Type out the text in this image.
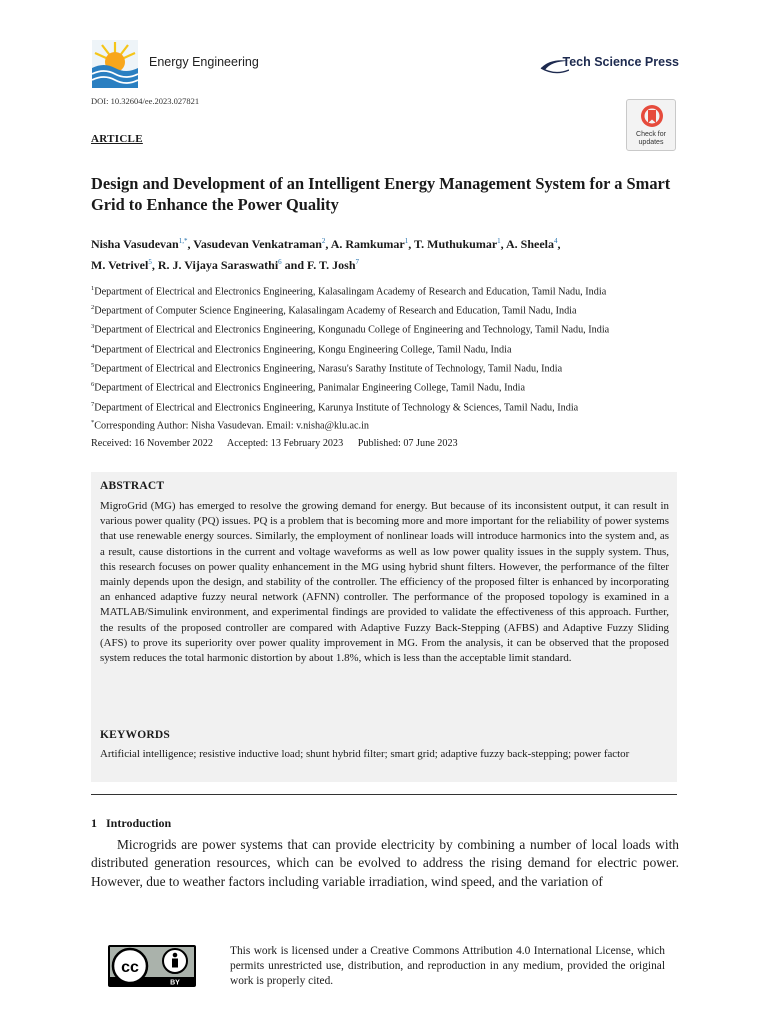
Energy Engineering	Tech Science Press
DOI: 10.32604/ee.2023.027821
Check for
updates
ARTICLE
Design and Development of an Intelligent Energy Management System for a Smart Grid to Enhance the Power Quality
Nisha Vasudevan$^{1,*}$, Vasudevan Venkatraman$^2$, A. Ramkumar$^1$, T. Muthukumar$^1$, A. Sheela$^4$,
M. Vetrivel$^5$, R. J. Vijaya Saraswathi$^6$ and F. T. Josh$^7$
$^1$Department of Electrical and Electronics Engineering, Kalasalingam Academy of Research and Education, Tamil Nadu, India
$^2$Department of Computer Science Engineering, Kalasalingam Academy of Research and Education, Tamil Nadu, India
$^3$Department of Electrical and Electronics Engineering, Kongunadu College of Engineering and Technology, Tamil Nadu, India
$^4$Department of Electrical and Electronics Engineering, Kongu Engineering College, Tamil Nadu, India
$^5$Department of Electrical and Electronics Engineering, Narasu's Sarathy Institute of Technology, Tamil Nadu, India
$^6$Department of Electrical and Electronics Engineering, Panimalar Engineering College, Tamil Nadu, India
$^7$Department of Electrical and Electronics Engineering, Karunya Institute of Technology & Sciences, Tamil Nadu, India
*Corresponding Author: Nisha Vasudevan. Email: v.nisha@klu.ac.in
Received: 16 November 2022 Accepted: 13 February 2023 Published: 07 June 2023
ABSTRACT
MigroGrid (MG) has emerged to resolve the growing demand for energy. But because of its inconsistent output, it can result in various power quality (PQ) issues. PQ is a problem that is becoming more and more important for the reliability of power systems that use renewable energy sources. Similarly, the employment of nonlinear loads will introduce harmonics into the system and, as a result, cause distortions in the current and voltage waveforms as well as low power quality issues in the supply system. Thus, this research focuses on power quality enhancement in the MG using hybrid shunt filters. However, the performance of the filter mainly depends upon the design, and stability of the controller. The efficiency of the proposed filter is enhanced by incorporating an enhanced adaptive fuzzy neural network (AFNN) controller. The performance of the proposed topology is examined in a MATLAB/Simulink environment, and experimental findings are provided to validate the effectiveness of this approach. Further, the results of the proposed controller are compared with Adaptive Fuzzy Back-Stepping (AFBS) and Adaptive Fuzzy Sliding (AFS) to prove its superiority over power quality improvement in MG. From the analysis, it can be observed that the proposed system reduces the total harmonic distortion by about 1.8%, which is less than the acceptable limit standard.
KEYWORDS
Artificial intelligence; resistive inductive load; shunt hybrid filter; smart grid; adaptive fuzzy back-stepping; power factor
1   Introduction
Microgrids are power systems that can provide electricity by combining a number of local loads with distributed generation resources, which can be evolved to address the rising demand for electric power. However, due to weather factors including variable irradiation, wind speed, and the variation of
cc
BY
This work is licensed under a Creative Commons Attribution 4.0 International License, which permits unrestricted use, distribution, and reproduction in any medium, provided the original work is properly cited.
